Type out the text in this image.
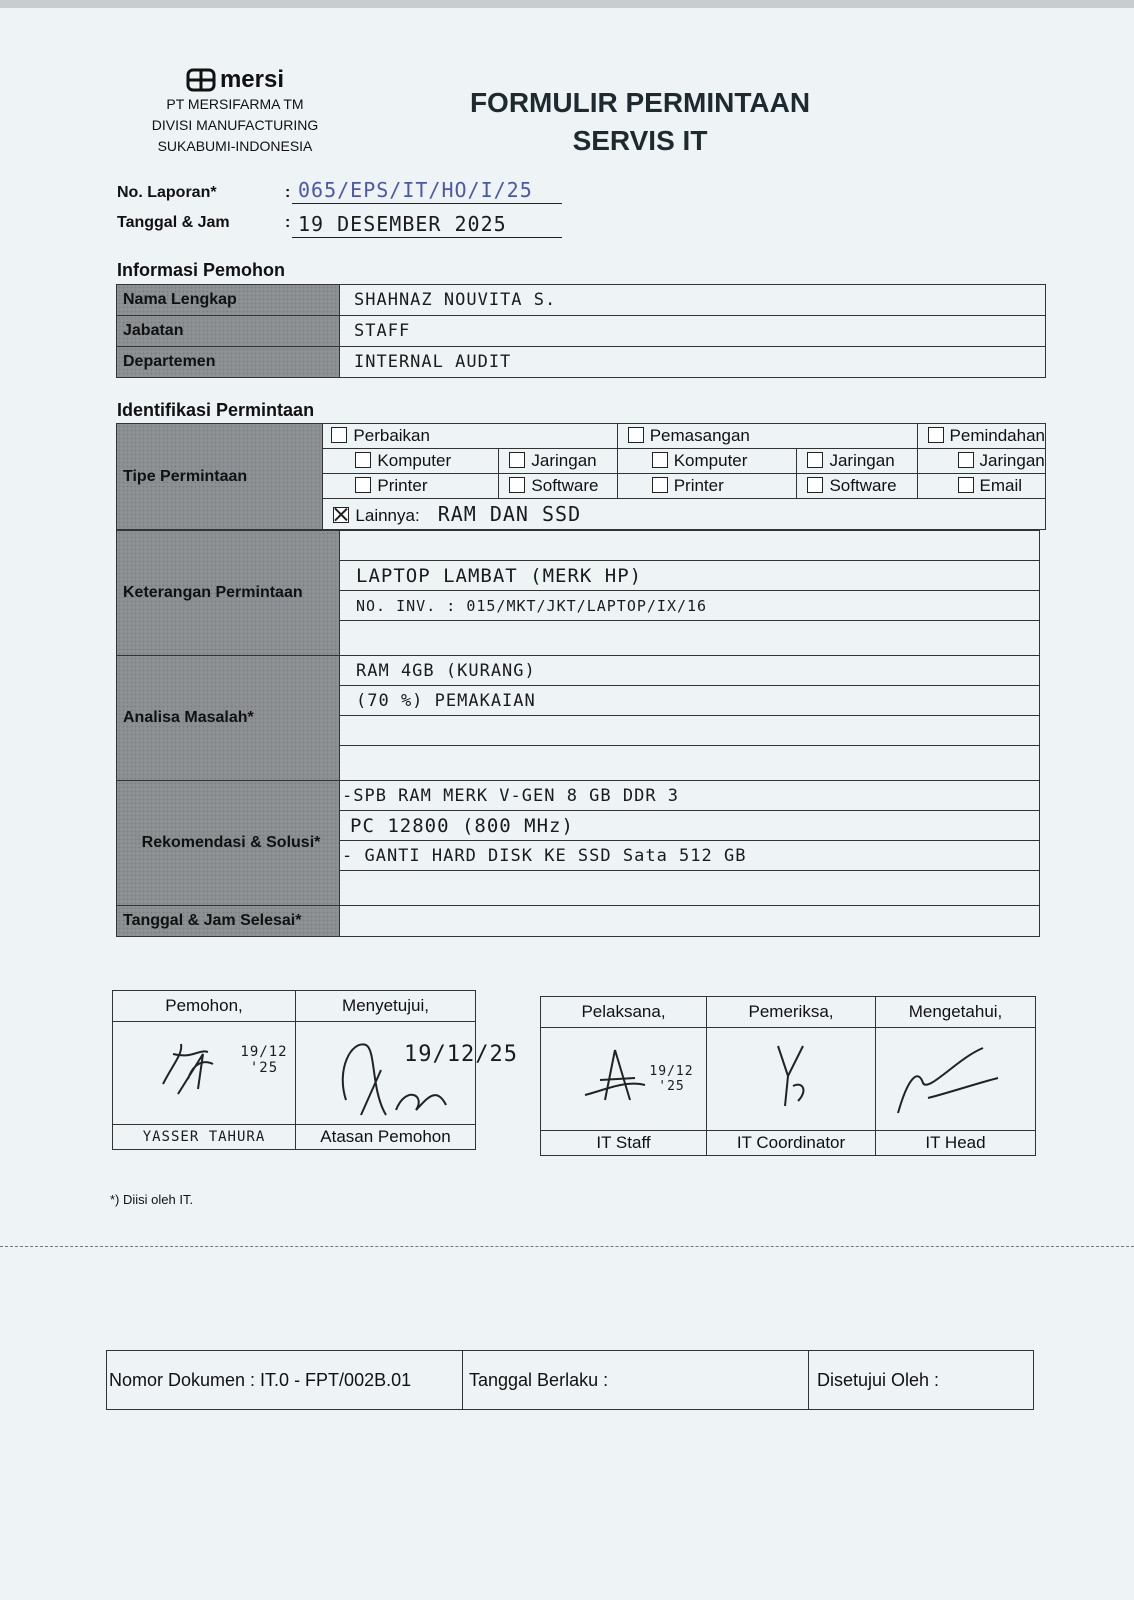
mersi
PT MERSIFARMA TM
DIVISI MANUFACTURING
SUKABUMI-INDONESIA
FORMULIR PERMINTAAN
SERVIS IT
No. Laporan*	: 065/EPS/IT/HO/I/25
Tanggal & Jam	: 19 DESEMBER 2025
Informasi Pemohon
Nama Lengkap	SHAHNAZ NOUVITA S.
Jabatan	STAFF
Departemen	INTERNAL AUDIT
Identifikasi Permintaan
Tipe Permintaan	Perbaikan		Pemasangan		Pemindahan
	Komputer	Jaringan	Komputer	Jaringan	Jaringan
	Printer	Software	Printer	Software	Email
	Lainnya: RAM DAN SSD				
Keterangan Permintaan	LAPTOP LAMBAT (MERK HP)
NO. INV. : 015/MKT/JKT/LAPTOP/IX/16

Analisa Masalah*	RAM 4GB (KURANG)
(70 %) PEMAKAIAN

Rekomendasi & Solusi*	-SPB RAM MERK V-GEN 8 GB DDR 3
PC 12800 (800 MHz)
- GANTI HARD DISK KE SSD Sata 512 GB

Tanggal & Jam Selesai*	
Pemohon,	Menyetujui,

19/12 '25	19/12/25

YASSER TAHURA	Atasan Pemohon
Pelaksana,	Pemeriksa,	Mengetahui,

19/12 '25

IT Staff	IT Coordinator	IT Head
*) Diisi oleh IT.
Nomor Dokumen : IT.0 - FPT/002B.01	Tanggal Berlaku :	Disetujui Oleh :
